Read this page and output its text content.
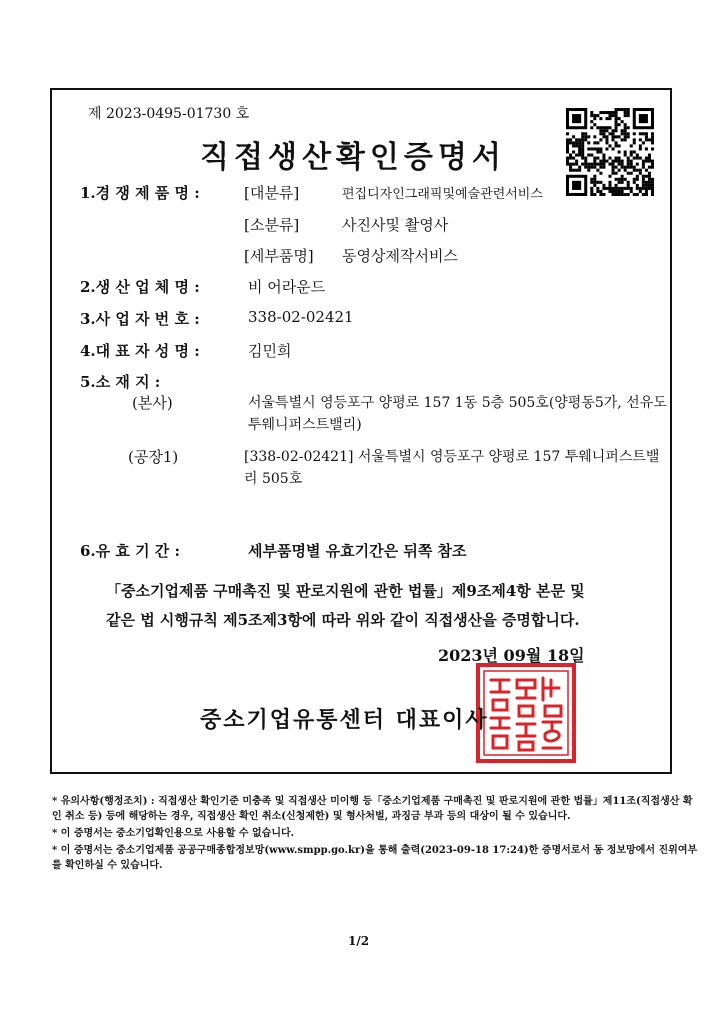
제 2023-0495-01730 호
직접생산확인증명서
1.경 쟁 제 품 명 :	[대분류]	편집디자인그래픽및예술관련서비스
[소분류]	사진사및 촬영사
[세부품명] 동영상제작서비스
2.생 산 업 체 명 :	비 어라운드
3.사 업 자 번 호 :	338-02-02421
4.대 표 자 성 명 :	김민희
5.소 재 지 :
(본사)	서울특별시 영등포구 양평로 157 1동 5층 505호(양평동5가, 선유도 투웨니퍼스트밸리)
(공장1)	[338-02-02421] 서울특별시 영등포구 양평로 157 투웨니퍼스트밸리 505호
6.유 효 기 간 :	세부품명별 유효기간은 뒤쪽 참조
「중소기업제품 구매촉진 및 판로지원에 관한 법률」제9조제4항 본문 및
같은 법 시행규칙 제5조제3항에 따라 위와 같이 직접생산을 증명합니다.
2023년 09월 18일
중소기업유통센터 대표이사

* 유의사항(행정조치) : 직접생산 확인기준 미충족 및 직접생산 미이행 등「중소기업제품 구매촉진 및 판로지원에 관한 법률」제11조(직접생산 확인 취소 등) 등에 해당하는 경우, 직접생산 확인 취소(신청제한) 및 형사처벌, 과징금 부과 등의 대상이 될 수 있습니다.

* 이 증명서는 중소기업확인용으로 사용할 수 없습니다.

* 이 증명서는 중소기업제품 공공구매종합정보망(www.smpp.go.kr)을 통해 출력(2023-09-18 17:24)한 증명서로서 동 정보망에서 진위여부를 확인하실 수 있습니다.

1/2
